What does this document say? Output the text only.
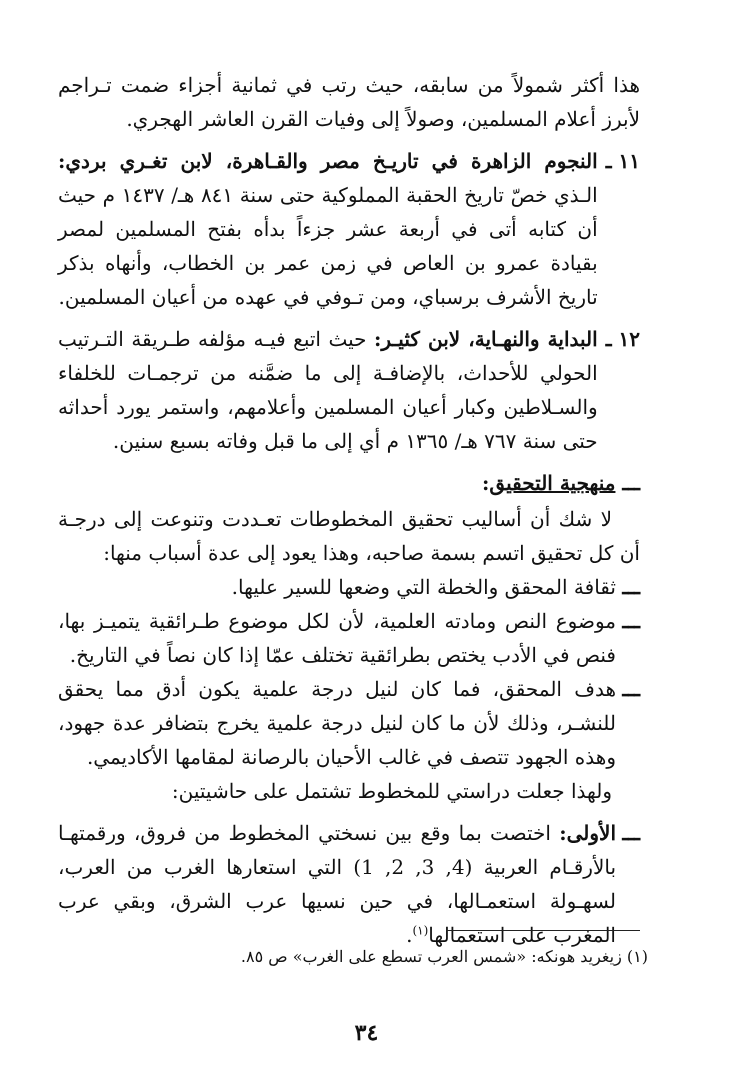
هذا أكثر شمولاً من سابقه، حيث رتب في ثمانية أجزاء ضمت تـراجم لأبرز أعلام المسلمين، وصولاً إلى وفيات القرن العاشر الهجري.

١١ ـ

النجوم الزاهرة في تاريـخ مصر والقـاهرة، لابن تغـري بردي: الـذي خصّ تاريخ الحقبة المملوكية حتى سنة ٨٤١ هـ/ ١٤٣٧ م حيث أن كتابه أتى في أربعة عشر جزءاً بدأه بفتح المسلمين لمصر بقيادة عمرو بن العاص في زمن عمر بن الخطاب، وأنهاه بذكر تاريخ الأشرف برسباي، ومن تـوفي في عهده من أعيان المسلمين.

١٢ ـ

البداية والنهـاية، لابن كثيـر: حيث اتبع فيـه مؤلفه طـريقة التـرتيب الحولي للأحداث، بالإضافـة إلى ما ضمَّنه من ترجمـات للخلفاء والسـلاطين وكبار أعيان المسلمين وأعلامهم، واستمر يورد أحداثه حتى سنة ٧٦٧ هـ/ ١٣٦٥ م أي إلى ما قبل وفاته بسبع سنين.

ـــ منهجية التحقيق:

لا شك أن أساليب تحقيق المخطوطات تعـددت وتنوعت إلى درجـة أن كل تحقيق اتسم بسمة صاحبه، وهذا يعود إلى عدة أسباب منها:

ـــ

ثقافة المحقق والخطة التي وضعها للسير عليها.

ـــ

موضوع النص ومادته العلمية، لأن لكل موضوع طـرائقية يتميـز بها، فنص في الأدب يختص بطرائقية تختلف عمّا إذا كان نصاً في التاريخ.

ـــ

هدف المحقق، فما كان لنيل درجة علمية يكون أدق مما يحقق للنشـر، وذلك لأن ما كان لنيل درجة علمية يخرج بتضافر عدة جهود، وهذه الجهود تتصف في غالب الأحيان بالرصانة لمقامها الأكاديمي.

ولهذا جعلت دراستي للمخطوط تشتمل على حاشيتين:

ـــ

الأولى: اختصت بما وقع بين نسختي المخطوط من فروق، ورقمتهـا بالأرقـام العربية (4, 3, 2, 1) التي استعارها الغرب من العرب، لسهـولة استعمـالها، في حين نسيها عرب الشرق، وبقي عرب المغرب على استعمالها$^{(١)}$.

(١) زيغريد هونكه: «شمس العرب تسطع على الغرب» ص ٨٥.

٣٤
